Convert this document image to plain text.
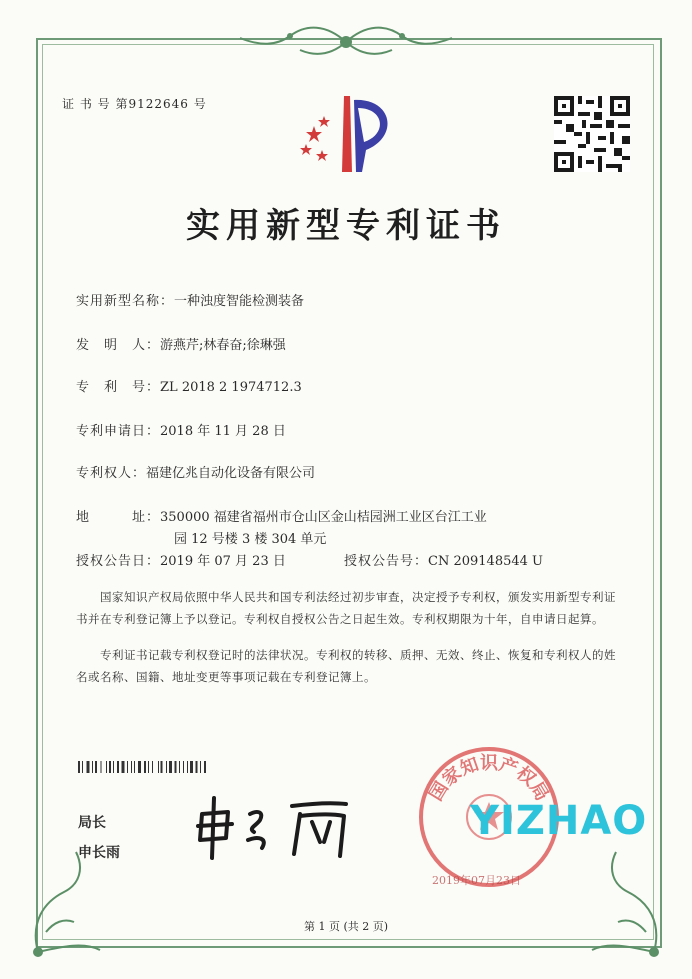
证 书 号 第9122646 号
实用新型专利证书
实用新型名称：一种浊度智能检测装备
发　明　人：游燕芹;林春奋;徐琳强
专　利　号：ZL 2018 2 1974712.3
专利申请日：2018 年 11 月 28 日
专利权人：福建亿兆自动化设备有限公司
地　　　址：350000 福建省福州市仓山区金山桔园洲工业区台江工业
园 12 号楼 3 楼 304 单元
授权公告日：2019 年 07 月 23 日	授权公告号：CN 209148544 U
国家知识产权局依照中华人民共和国专利法经过初步审查，决定授予专利权，颁发实用新型专利证书并在专利登记簿上予以登记。专利权自授权公告之日起生效。专利权期限为十年，自申请日起算。
专利证书记载专利权登记时的法律状况。专利权的转移、质押、无效、终止、恢复和专利权人的姓名或名称、国籍、地址变更等事项记载在专利登记簿上。
局长
申长雨
国家知识产权局
2019年07月23日
YIZHAO
第 1 页 (共 2 页)
